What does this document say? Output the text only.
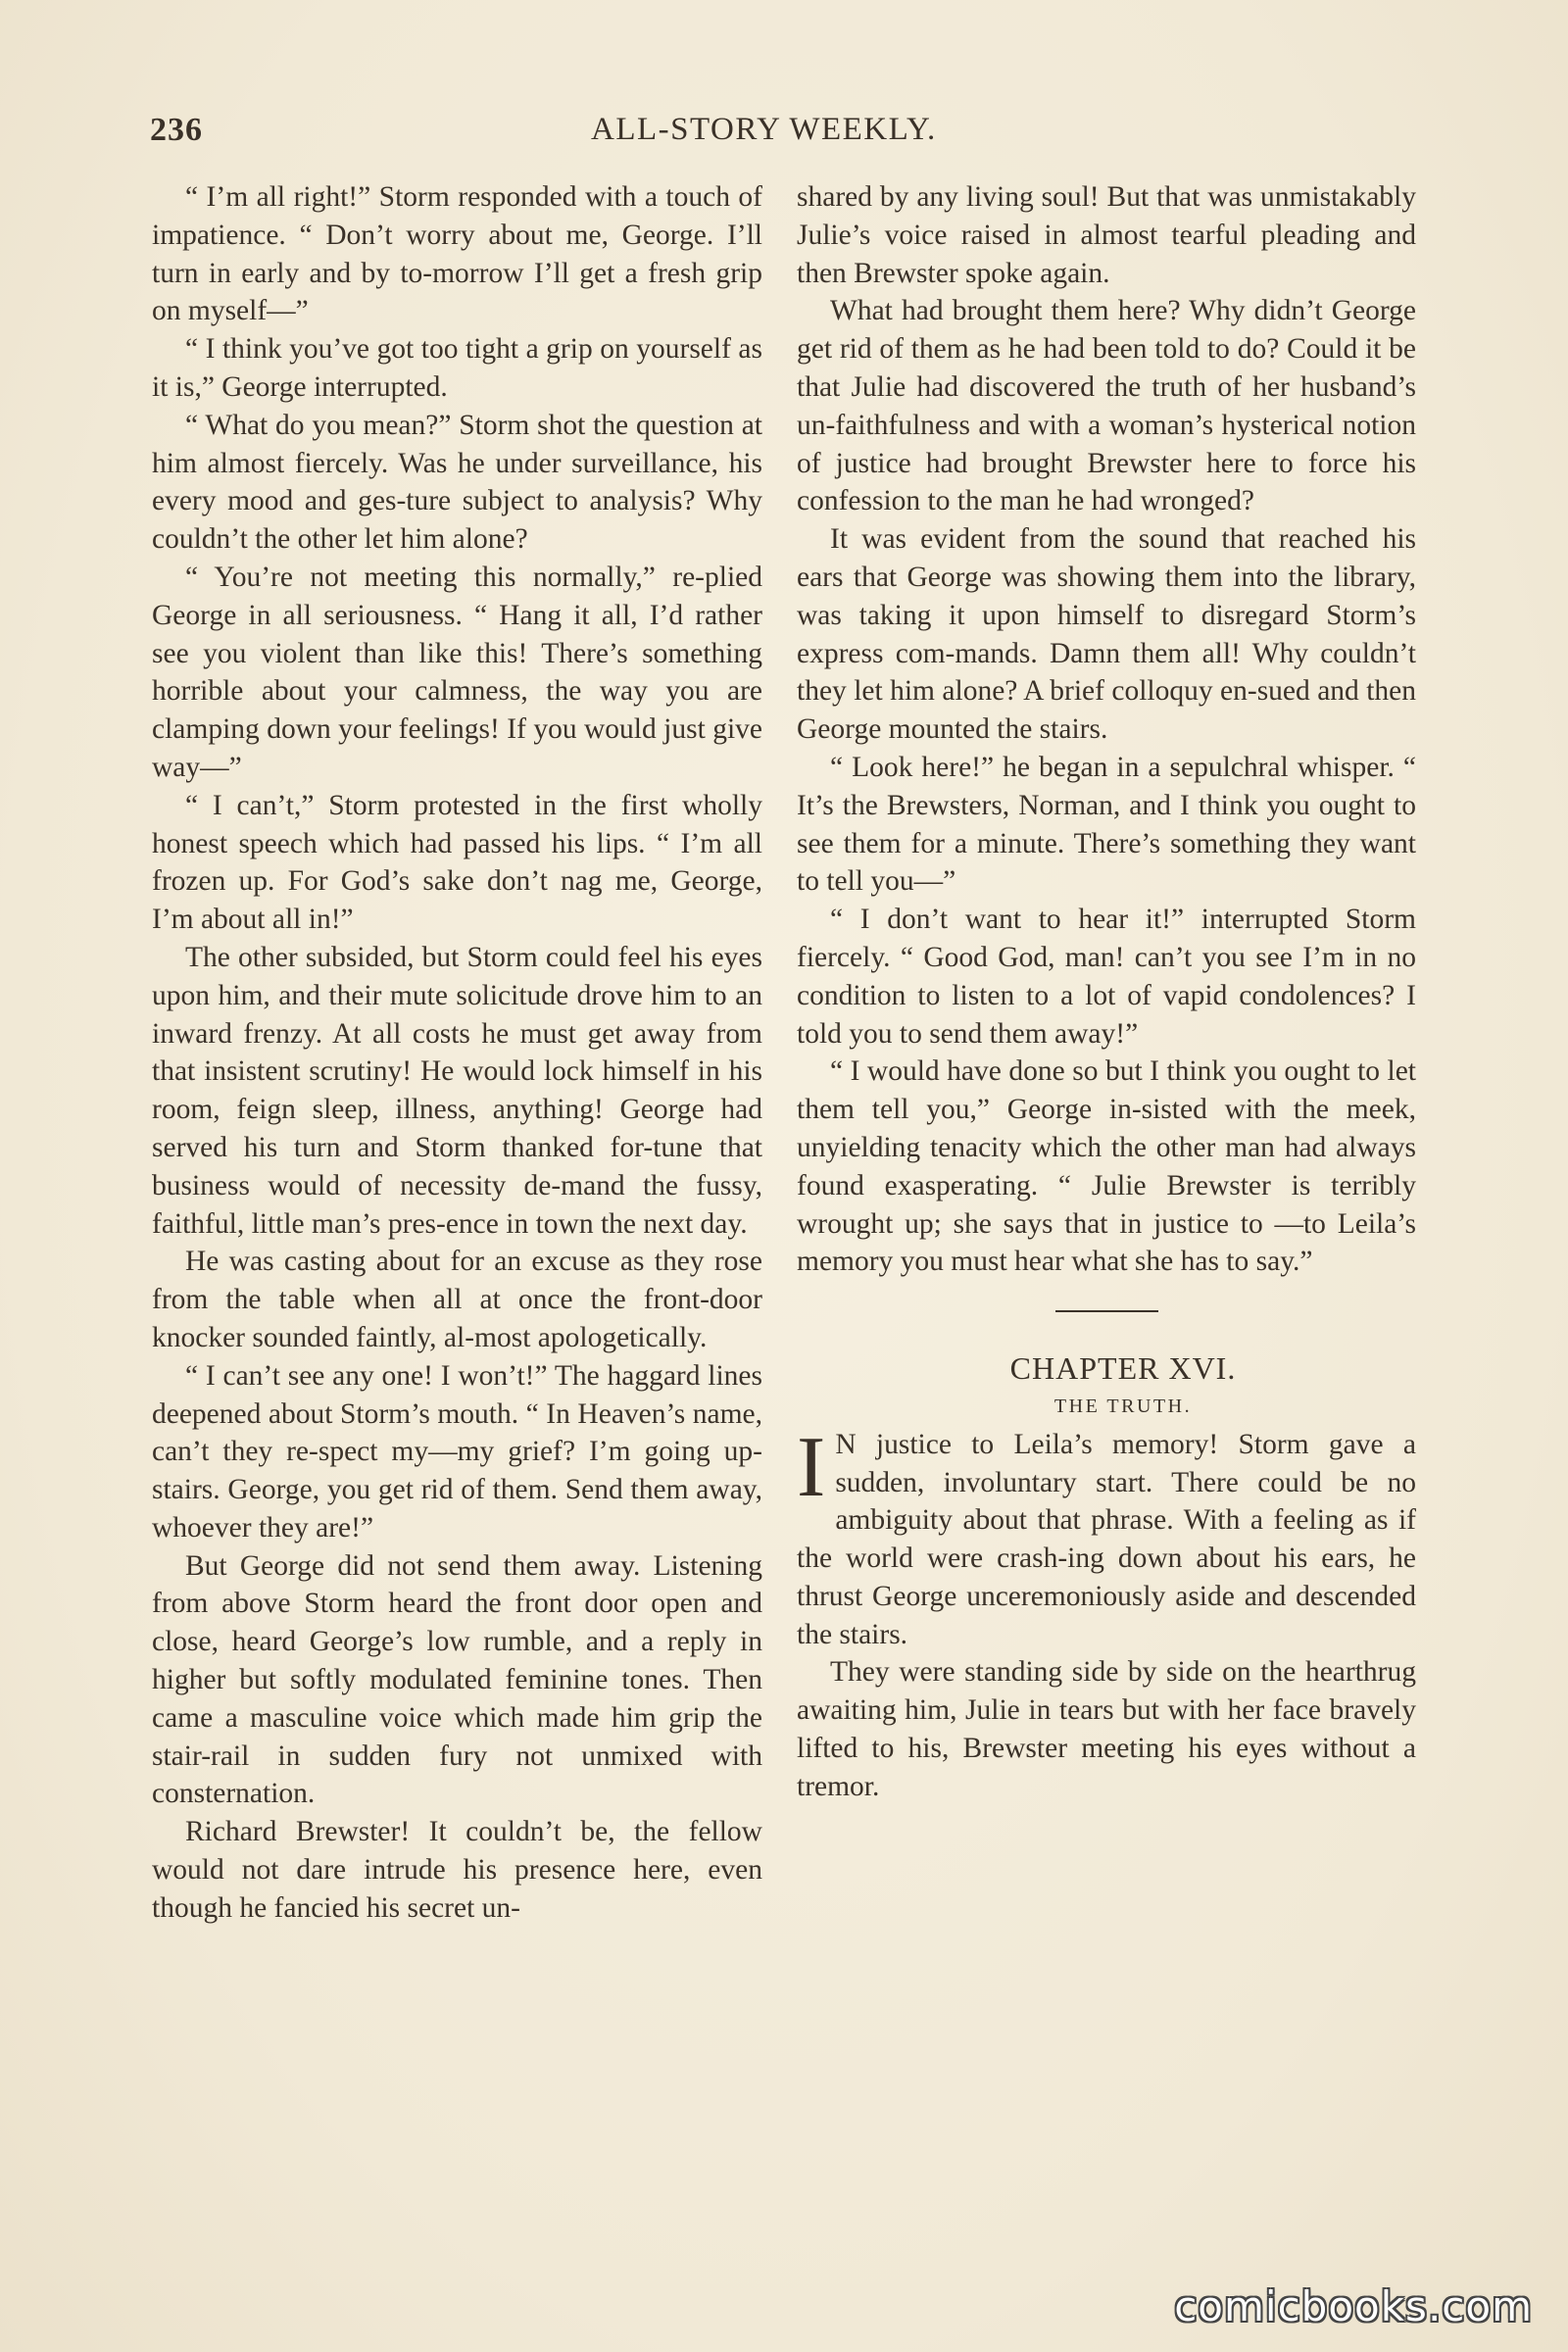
236	ALL-STORY WEEKLY.

“ I’m all right!” Storm responded with a touch of impatience. “ Don’t worry about me, George. I’ll turn in early and by to-morrow I’ll get a fresh grip on myself—”

“ I think you’ve got too tight a grip on yourself as it is,” George interrupted.

“ What do you mean?” Storm shot the question at him almost fiercely. Was he under surveillance, his every mood and ges-ture subject to analysis? Why couldn’t the other let him alone?

“ You’re not meeting this normally,” re-plied George in all seriousness. “ Hang it all, I’d rather see you violent than like this! There’s something horrible about your calmness, the way you are clamping down your feelings! If you would just give way—”

“ I can’t,” Storm protested in the first wholly honest speech which had passed his lips. “ I’m all frozen up. For God’s sake don’t nag me, George, I’m about all in!”

The other subsided, but Storm could feel his eyes upon him, and their mute solicitude drove him to an inward frenzy. At all costs he must get away from that insistent scrutiny! He would lock himself in his room, feign sleep, illness, anything! George had served his turn and Storm thanked for-tune that business would of necessity de-mand the fussy, faithful, little man’s pres-ence in town the next day.

He was casting about for an excuse as they rose from the table when all at once the front-door knocker sounded faintly, al-most apologetically.

“ I can’t see any one! I won’t!” The haggard lines deepened about Storm’s mouth. “ In Heaven’s name, can’t they re-spect my—my grief? I’m going up-stairs. George, you get rid of them. Send them away, whoever they are!”

But George did not send them away. Listening from above Storm heard the front door open and close, heard George’s low rumble, and a reply in higher but softly modulated feminine tones. Then came a masculine voice which made him grip the stair-rail in sudden fury not unmixed with consternation.

Richard Brewster! It couldn’t be, the fellow would not dare intrude his presence here, even though he fancied his secret un-

shared by any living soul! But that was unmistakably Julie’s voice raised in almost tearful pleading and then Brewster spoke again.

What had brought them here? Why didn’t George get rid of them as he had been told to do? Could it be that Julie had discovered the truth of her husband’s un-faithfulness and with a woman’s hysterical notion of justice had brought Brewster here to force his confession to the man he had wronged?

It was evident from the sound that reached his ears that George was showing them into the library, was taking it upon himself to disregard Storm’s express com-mands. Damn them all! Why couldn’t they let him alone? A brief colloquy en-sued and then George mounted the stairs.

“ Look here!” he began in a sepulchral whisper. “ It’s the Brewsters, Norman, and I think you ought to see them for a minute. There’s something they want to tell you—”

“ I don’t want to hear it!” interrupted Storm fiercely. “ Good God, man! can’t you see I’m in no condition to listen to a lot of vapid condolences? I told you to send them away!”

“ I would have done so but I think you ought to let them tell you,” George in-sisted with the meek, unyielding tenacity which the other man had always found exasperating. “ Julie Brewster is terribly wrought up; she says that in justice to —to Leila’s memory you must hear what she has to say.”

CHAPTER XVI.

THE TRUTH.

I N justice to Leila’s memory! Storm gave a sudden, involuntary start. There could be no ambiguity about that phrase. With a feeling as if the world were crash-ing down about his ears, he thrust George unceremoniously aside and descended the stairs.

They were standing side by side on the hearthrug awaiting him, Julie in tears but with her face bravely lifted to his, Brewster meeting his eyes without a tremor.

comicbooks.com
